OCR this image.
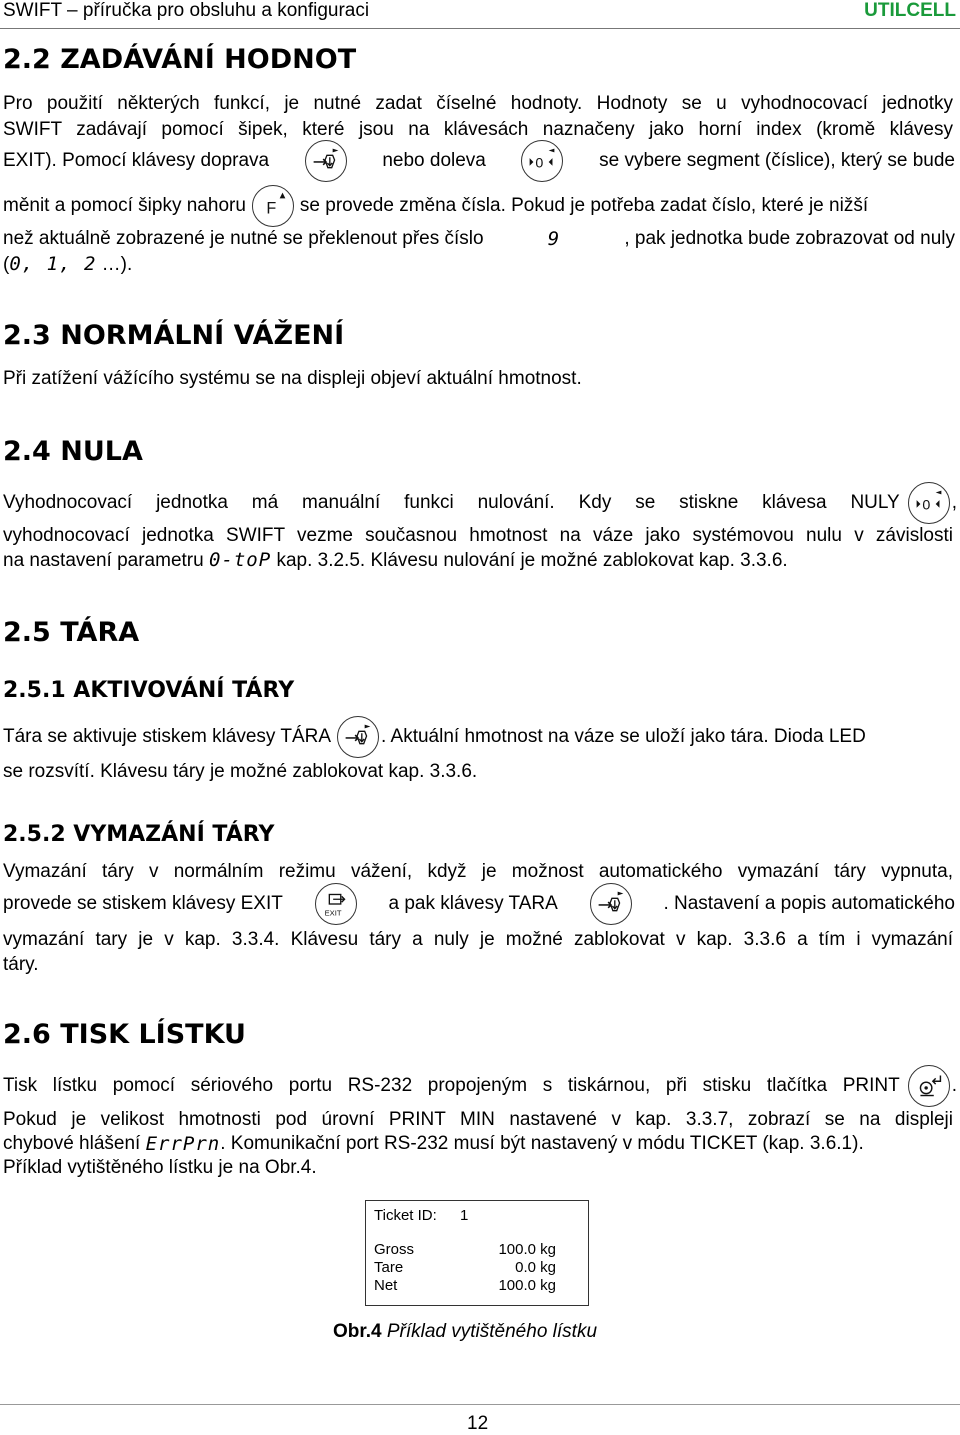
SWIFT – příručka pro obsluhu a konfiguraci	UTILCELL
2.2 ZADÁVÁNÍ HODNOT
Pro použití některých funkcí, je nutné zadat číselné hodnoty. Hodnoty se u vyhodnocovací jednotky
SWIFT zadávají pomocí šipek, které jsou na klávesách naznačeny jako horní index (kromě klávesy
EXIT). Pomocí klávesy doprava	nebo doleva	0	se vybere segment (číslice), který se bude
měnit a pomocí šipky nahoru F se provede změna čísla. Pokud je potřeba zadat číslo, které je nižší
než aktuálně zobrazené je nutné se překlenout přes číslo	9	, pak jednotka bude zobrazovat od nuly
(0, 1, 2 …).
2.3 NORMÁLNÍ VÁŽENÍ
Při zatížení vážícího systému se na displeji objeví aktuální hmotnost.
2.4 NULA
Vyhodnocovací jednotka má manuální funkci nulování. Kdy se stiskne klávesa NULY 0 ,
vyhodnocovací jednotka SWIFT vezme současnou hmotnost na váze jako systémovou nulu v závislosti
na nastavení parametru 0-toP kap. 3.2.5. Klávesu nulování je možné zablokovat kap. 3.3.6.
2.5 TÁRA
2.5.1 AKTIVOVÁNÍ TÁRY
Tára se aktivuje stiskem klávesy TÁRA	. Aktuální hmotnost na váze se uloží jako tára. Dioda LED
se rozsvítí. Klávesu táry je možné zablokovat kap. 3.3.6.
2.5.2 VYMAZÁNÍ TÁRY
Vymazání táry v normálním režimu vážení, když je možnost automatického vymazání táry vypnuta,
provede se stiskem klávesy EXIT	EXIT a pak klávesy TARA	. Nastavení a popis automatického
vymazání tary je v kap. 3.3.4. Klávesu táry a nuly je možné zablokovat v kap. 3.3.6 a tím i vymazání
táry.
2.6 TISK LÍSTKU
Tisk lístku pomocí sériového portu RS-232 propojeným s tiskárnou, při stisku tlačítka PRINT	.
Pokud je velikost hmotnosti pod úrovní PRINT MIN nastavené v kap. 3.3.7, zobrazí se na displeji
chybové hlášení
ErrPrn . Komunikační port RS-232 musí být nastavený v módu TICKET (kap. 3.6.1).
Příklad vytištěného lístku je na Obr.4.
Ticket ID: 1
Gross	100.0 kg
Tare	0.0 kg
Net	100.0 kg
Obr.4 Příklad vytištěného lístku
12
